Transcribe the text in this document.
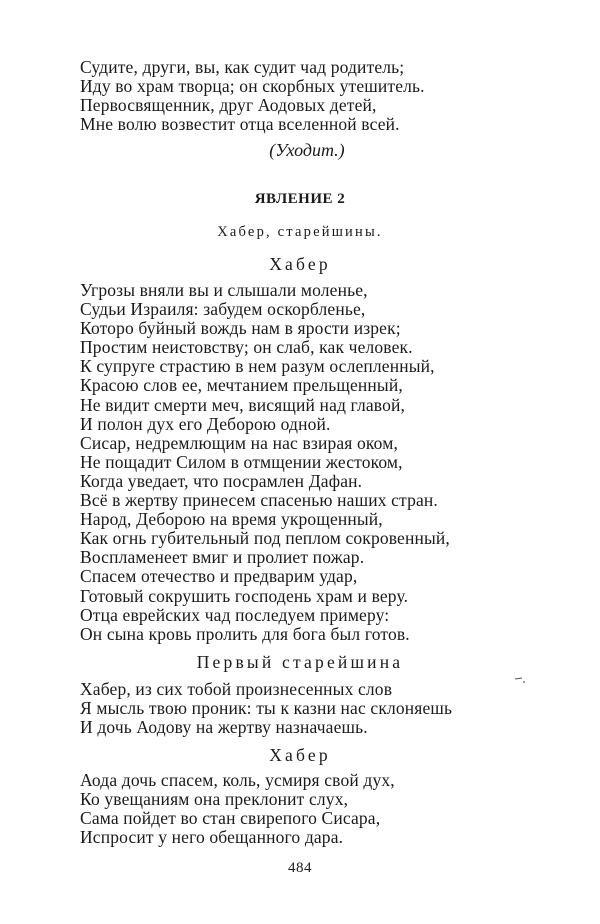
Судите, други, вы, как судит чад родитель;
Иду во храм творца; он скорбных утешитель.
Первосвященник, друг Аодовых детей,
Мне волю возвестит отца вселенной всей.
(Уходит.)
ЯВЛЕНИЕ 2
Хабер, старейшины.
Хабер
Угрозы вняли вы и слышали моленье,
Судьи Израиля: забудем оскорбленье,
Которо буйный вождь нам в ярости изрек;
Простим неистовству; он слаб, как человек.
К супруге страстию в нем разум ослепленный,
Красою слов ее, мечтанием прельщенный,
Не видит смерти меч, висящий над главой,
И полон дух его Деборою одной.
Сисар, недремлющим на нас взирая оком,
Не пощадит Силом в отмщении жестоком,
Когда уведает, что посрамлен Дафан.
Всё в жертву принесем спасенью наших стран.
Народ, Деборою на время укрощенный,
Как огнь губительный под пеплом сокровенный,
Воспламенеет вмиг и пролиет пожар.
Спасем отечество и предварим удар,
Готовый сокрушить господень храм и веру.
Отца еврейских чад последуем примеру:
Он сына кровь пролить для бога был готов.
Первый старейшина
Хабер, из сих тобой произнесенных слов
Я мысль твою проник: ты к казни нас склоняешь
И дочь Аодову на жертву назначаешь.
Хабер
Аода дочь спасем, коль, усмиря свой дух,
Ко увещаниям она преклонит слух,
Сама пойдет во стан свирепого Сисара,
Испросит у него обещанного дара.
484
